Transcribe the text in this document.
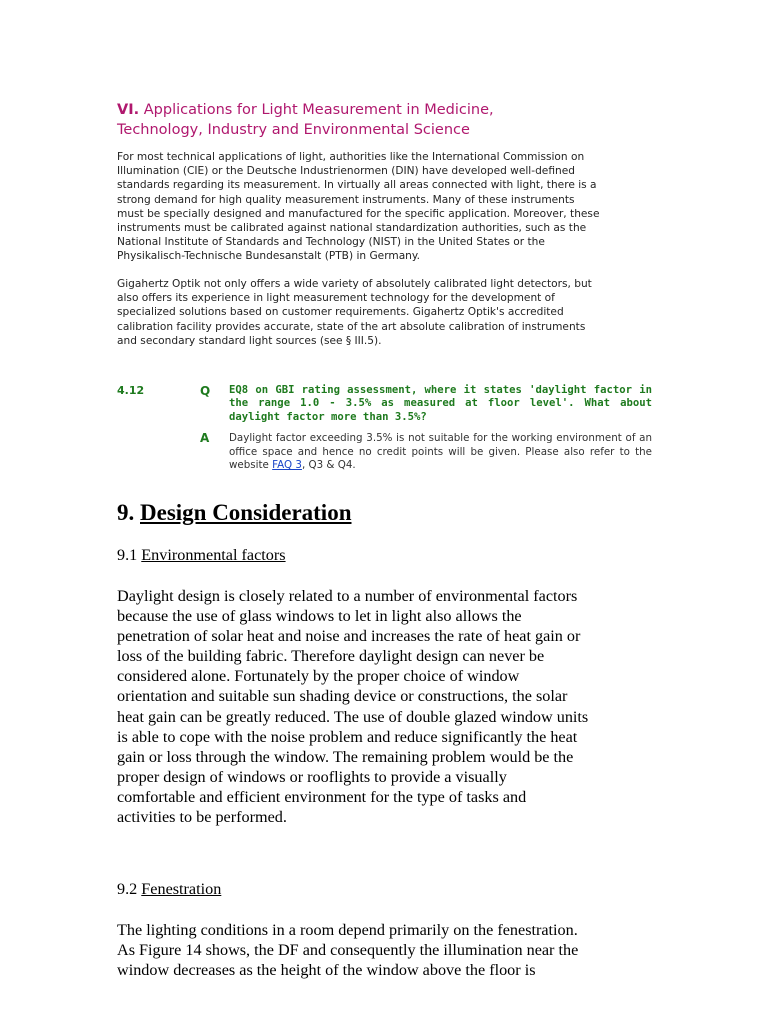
VI. Applications for Light Measurement in Medicine,
Technology, Industry and Environmental Science
For most technical applications of light, authorities like the International Commission on
Illumination (CIE) or the Deutsche Industrienormen (DIN) have developed well-defined
standards regarding its measurement. In virtually all areas connected with light, there is a
strong demand for high quality measurement instruments. Many of these instruments
must be specially designed and manufactured for the specific application. Moreover, these
instruments must be calibrated against national standardization authorities, such as the
National Institute of Standards and Technology (NIST) in the United States or the
Physikalisch-Technische Bundesanstalt (PTB) in Germany.
Gigahertz Optik not only offers a wide variety of absolutely calibrated light detectors, but
also offers its experience in light measurement technology for the development of
specialized solutions based on customer requirements. Gigahertz Optik's accredited
calibration facility provides accurate, state of the art absolute calibration of instruments
and secondary standard light sources (see § III.5).
4.12	Q EQ8 on GBI rating assessment, where it states 'daylight factor in the range 1.0 - 3.5% as measured at floor level'. What about daylight factor more than 3.5%?
A Daylight factor exceeding 3.5% is not suitable for the working environment of an office space and hence no credit points will be given. Please also refer to the website FAQ 3, Q3 & Q4.
9. Design Consideration
9.1 Environmental factors
Daylight design is closely related to a number of environmental factors
because the use of glass windows to let in light also allows the
penetration of solar heat and noise and increases the rate of heat gain or
loss of the building fabric. Therefore daylight design can never be
considered alone. Fortunately by the proper choice of window
orientation and suitable sun shading device or constructions, the solar
heat gain can be greatly reduced. The use of double glazed window units
is able to cope with the noise problem and reduce significantly the heat
gain or loss through the window. The remaining problem would be the
proper design of windows or rooflights to provide a visually
comfortable and efficient environment for the type of tasks and
activities to be performed.
9.2 Fenestration
The lighting conditions in a room depend primarily on the fenestration.
As Figure 14 shows, the DF and consequently the illumination near the
window decreases as the height of the window above the floor is
